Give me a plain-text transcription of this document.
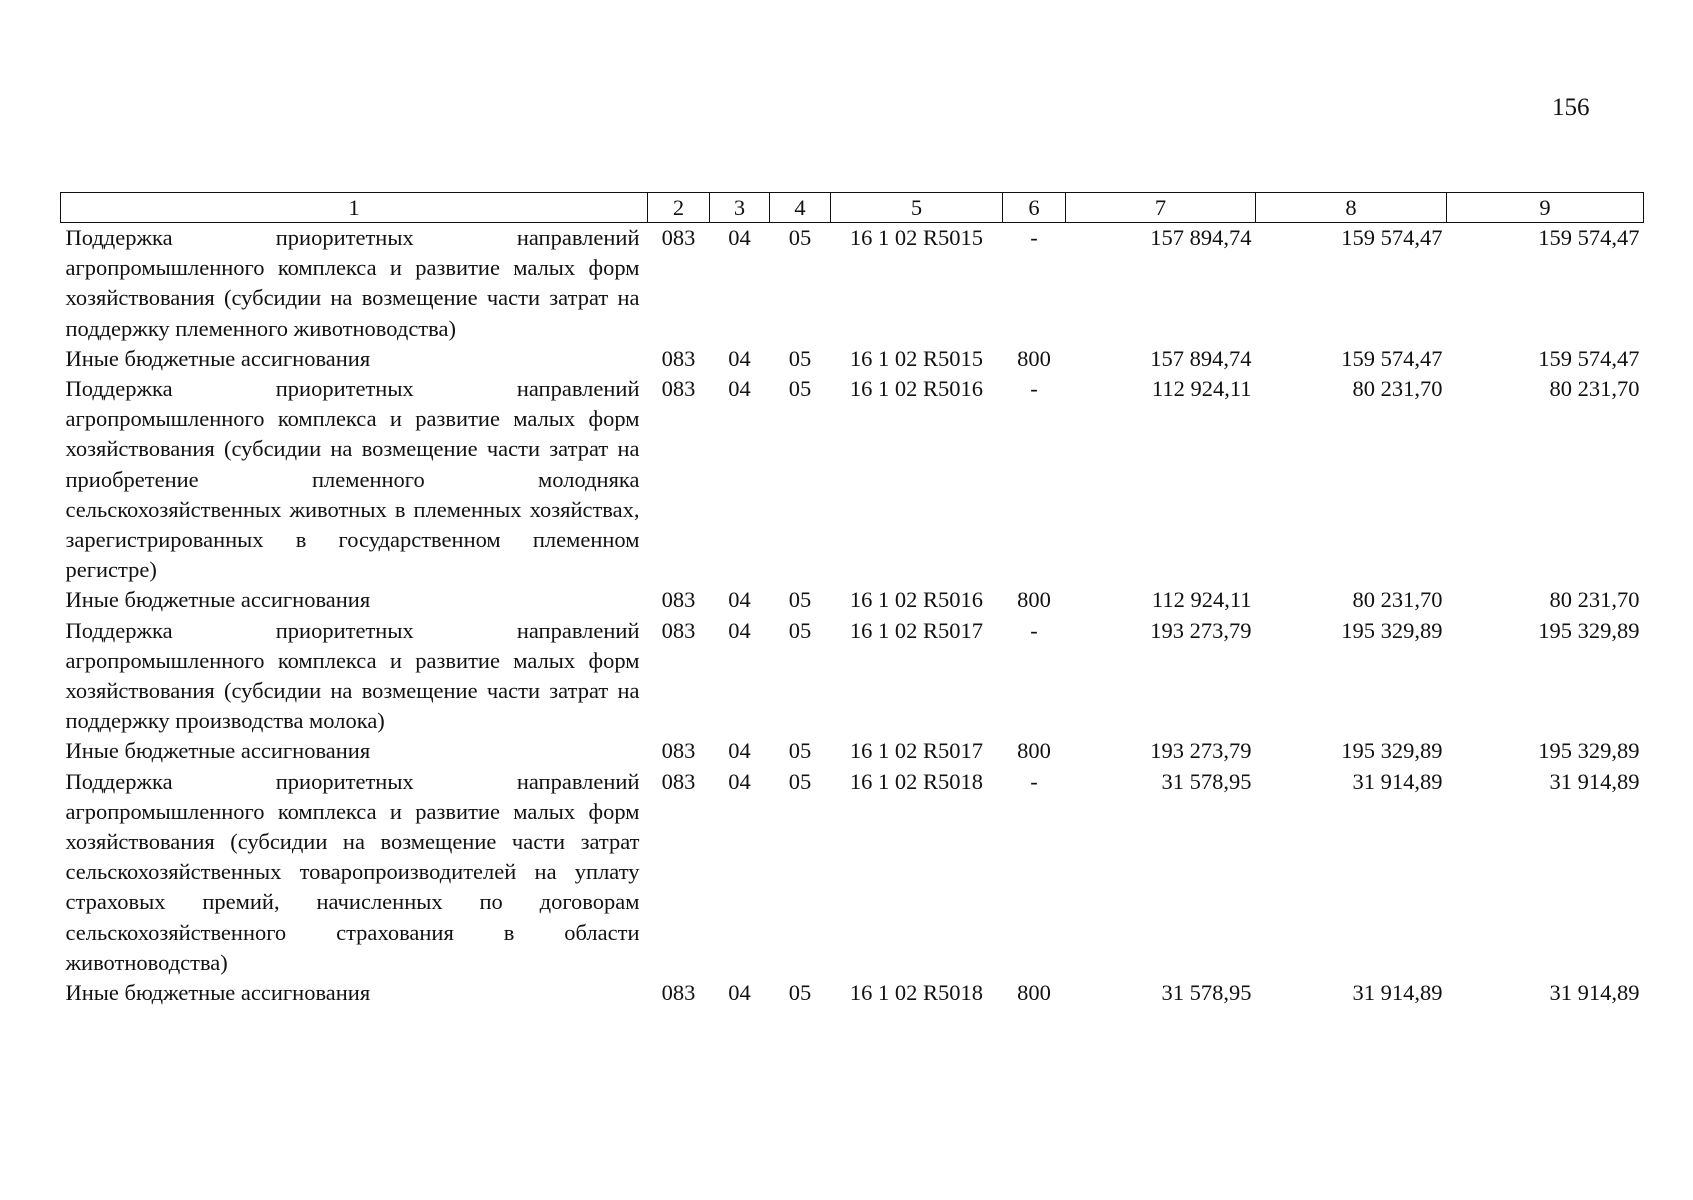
156
1	2	3	4	5	6	7	8	9
Поддержка приоритетных направлений агропромышленного комплекса и развитие малых форм хозяйствования (субсидии на возмещение части затрат на поддержку племенного животноводства)	083	04	05	16 1 02 R5015	-	157 894,74	159 574,47	159 574,47
Иные бюджетные ассигнования	083	04	05	16 1 02 R5015	800	157 894,74	159 574,47	159 574,47
Поддержка приоритетных направлений агропромышленного комплекса и развитие малых форм хозяйствования (субсидии на возмещение части затрат на приобретение племенного молодняка сельскохозяйственных животных в племенных хозяйствах, зарегистрированных в государственном племенном регистре)	083	04	05	16 1 02 R5016	-	112 924,11	80 231,70	80 231,70
Иные бюджетные ассигнования	083	04	05	16 1 02 R5016	800	112 924,11	80 231,70	80 231,70
Поддержка приоритетных направлений агропромышленного комплекса и развитие малых форм хозяйствования (субсидии на возмещение части затрат на поддержку производства молока)	083	04	05	16 1 02 R5017	-	193 273,79	195 329,89	195 329,89
Иные бюджетные ассигнования	083	04	05	16 1 02 R5017	800	193 273,79	195 329,89	195 329,89
Поддержка приоритетных направлений агропромышленного комплекса и развитие малых форм хозяйствования (субсидии на возмещение части затрат сельскохозяйственных товаропроизводителей на уплату страховых премий, начисленных по договорам сельскохозяйственного страхования в области животноводства)	083	04	05	16 1 02 R5018	-	31 578,95	31 914,89	31 914,89
Иные бюджетные ассигнования	083	04	05	16 1 02 R5018	800	31 578,95	31 914,89	31 914,89
